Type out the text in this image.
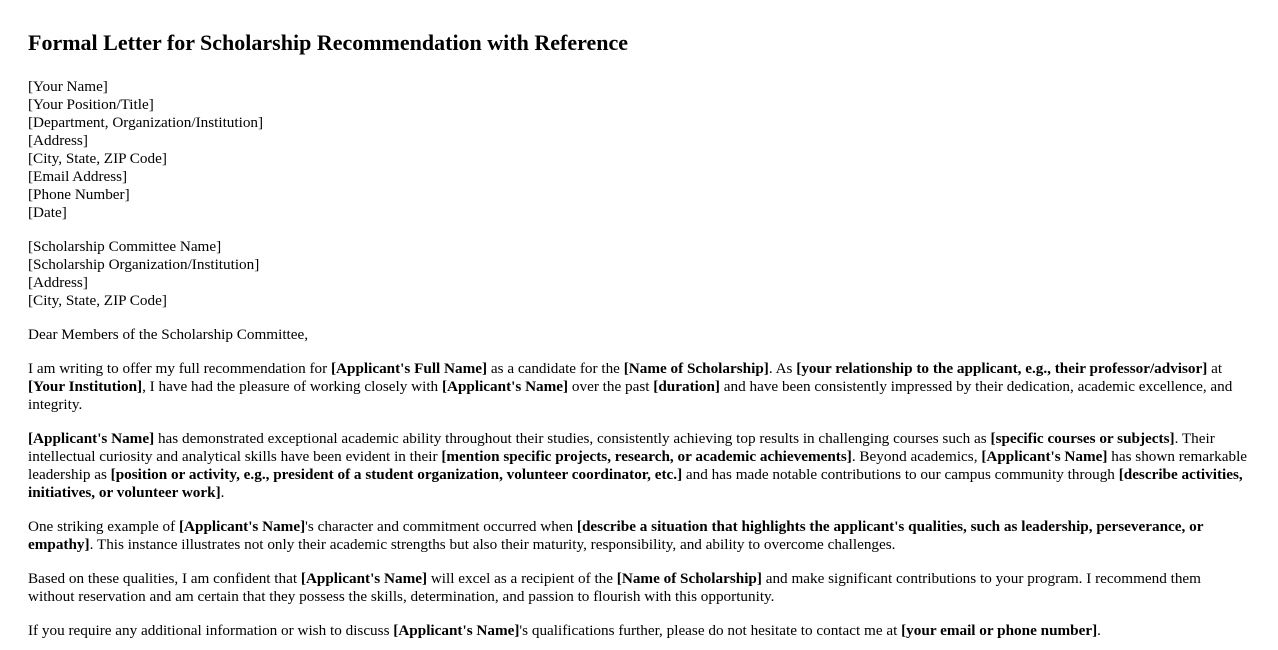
Formal Letter for Scholarship Recommendation with Reference
[Your Name]
[Your Position/Title]
[Department, Organization/Institution]
[Address]
[City, State, ZIP Code]
[Email Address]
[Phone Number]
[Date]
[Scholarship Committee Name]
[Scholarship Organization/Institution]
[Address]
[City, State, ZIP Code]

Dear Members of the Scholarship Committee,

I am writing to offer my full recommendation for [Applicant's Full Name] as a candidate for the [Name of Scholarship]. As [your relationship to the applicant, e.g., their professor/advisor] at [Your Institution], I have had the pleasure of working closely with [Applicant's Name] over the past [duration] and have been consistently impressed by their dedication, academic excellence, and integrity.

[Applicant's Name] has demonstrated exceptional academic ability throughout their studies, consistently achieving top results in challenging courses such as [specific courses or subjects]. Their intellectual curiosity and analytical skills have been evident in their [mention specific projects, research, or academic achievements]. Beyond academics, [Applicant's Name] has shown remarkable leadership as [position or activity, e.g., president of a student organization, volunteer coordinator, etc.] and has made notable contributions to our campus community through [describe activities, initiatives, or volunteer work].

One striking example of [Applicant's Name]'s character and commitment occurred when [describe a situation that highlights the applicant's qualities, such as leadership, perseverance, or empathy]. This instance illustrates not only their academic strengths but also their maturity, responsibility, and ability to overcome challenges.

Based on these qualities, I am confident that [Applicant's Name] will excel as a recipient of the [Name of Scholarship] and make significant contributions to your program. I recommend them without reservation and am certain that they possess the skills, determination, and passion to flourish with this opportunity.

If you require any additional information or wish to discuss [Applicant's Name]'s qualifications further, please do not hesitate to contact me at [your email or phone number].
